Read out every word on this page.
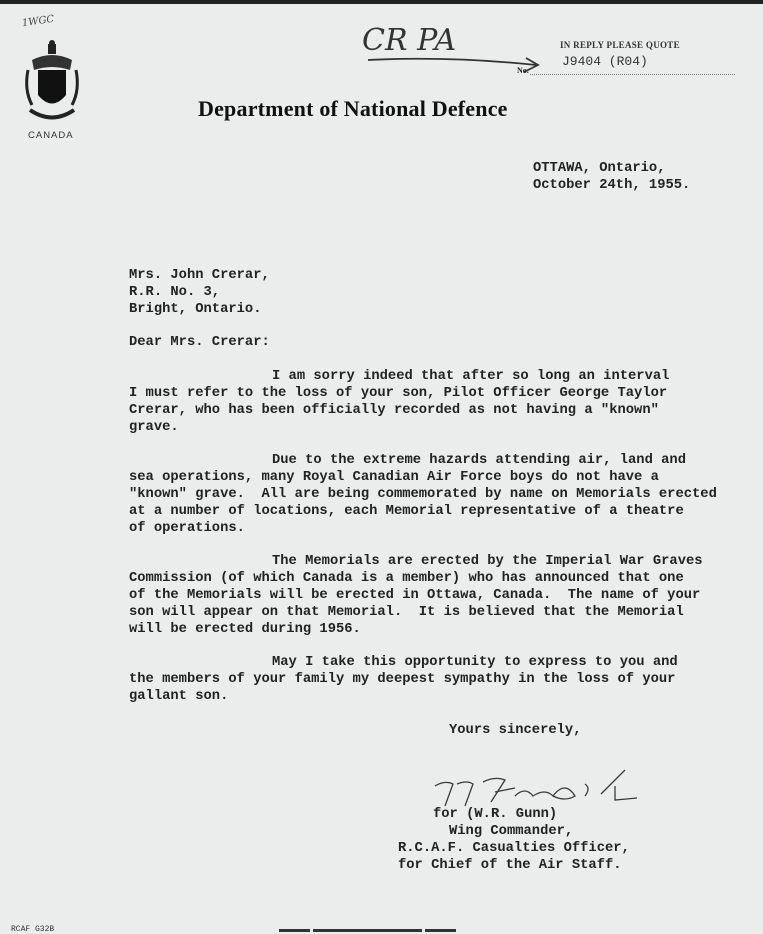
1WGC
CANADA
CR PA	IN REPLY PLEASE QUOTE
J9404 (R04)
No.
Department of National Defence
OTTAWA, Ontario,
October 24th, 1955.
Mrs. John Crerar,
R.R. No. 3,
Bright, Ontario.
Dear Mrs. Crerar:
I am sorry indeed that after so long an interval
I must refer to the loss of your son, Pilot Officer George Taylor
Crerar, who has been officially recorded as not having a "known"
grave.
Due to the extreme hazards attending air, land and
sea operations, many Royal Canadian Air Force boys do not have a
"known" grave.  All are being commemorated by name on Memorials erected
at a number of locations, each Memorial representative of a theatre
of operations.
The Memorials are erected by the Imperial War Graves
Commission (of which Canada is a member) who has announced that one
of the Memorials will be erected in Ottawa, Canada.  The name of your
son will appear on that Memorial.  It is believed that the Memorial
will be erected during 1956.
May I take this opportunity to express to you and
the members of your family my deepest sympathy in the loss of your
gallant son.
Yours sincerely,
for (W.R. Gunn)
Wing Commander,
R.C.A.F. Casualties Officer,
for Chief of the Air Staff.
RCAF G32B
